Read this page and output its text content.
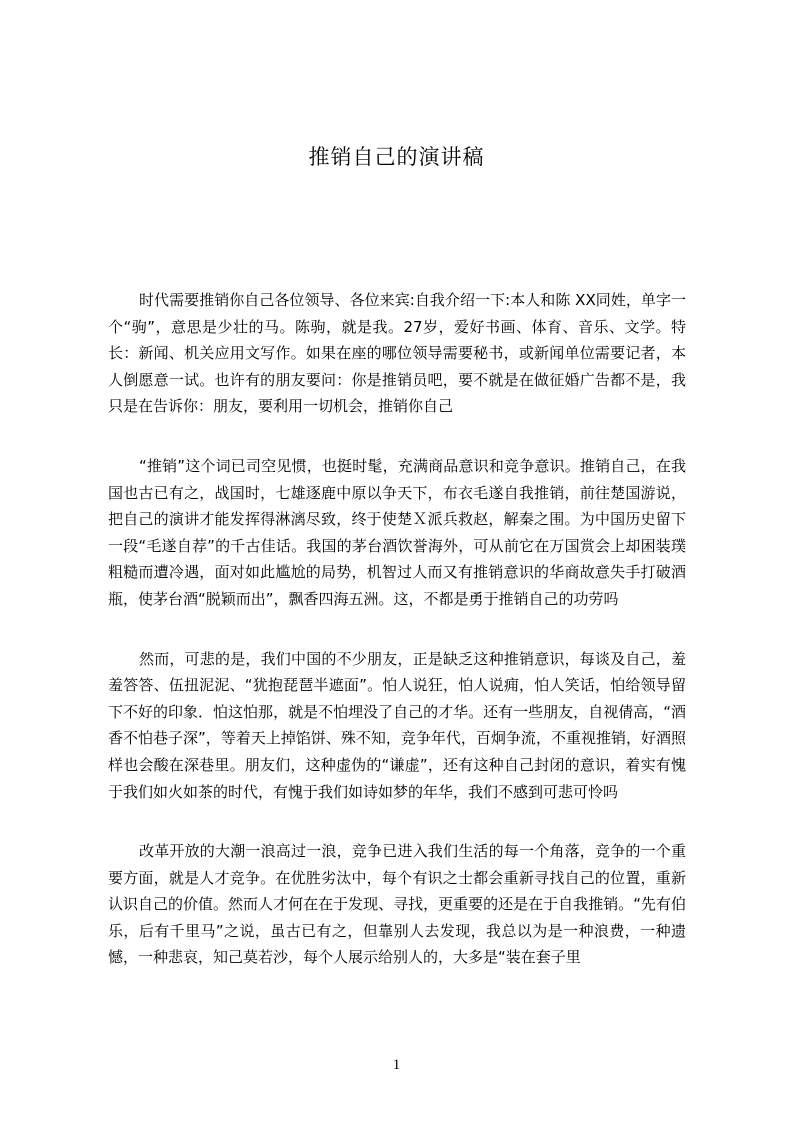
推销自己的演讲稿

时代需要推销你自己各位领导、各位来宾:自我介绍一下:本人和陈 XX同姓，单字一个“驹”，意思是少壮的马。陈驹，就是我。27岁，爱好书画、体育、音乐、文学。特长：新闻、机关应用文写作。如果在座的哪位领导需要秘书，或新闻单位需要记者，本人倒愿意一试。也许有的朋友要问：你是推销员吧，要不就是在做征婚广告都不是，我只是在告诉你：朋友，要利用一切机会，推销你自己

“推销”这个词已司空见惯，也挺时髦，充满商品意识和竞争意识。推销自己，在我国也古已有之，战国时，七雄逐鹿中原以争天下，布衣毛遂自我推销，前往楚国游说，把自己的演讲才能发挥得淋漓尽致，终于使楚Ｘ派兵救赵，解秦之围。为中国历史留下一段“毛遂自荐”的千古佳话。我国的茅台酒饮誉海外，可从前它在万国赏会上却困装璞粗糙而遭冷遇，面对如此尴尬的局势，机智过人而又有推销意识的华商故意失手打破酒瓶，使茅台酒“脱颖而出”，飘香四海五洲。这，不都是勇于推销自己的功劳吗

然而，可悲的是，我们中国的不少朋友，正是缺乏这种推销意识，每谈及自己，羞羞答答、伍扭泥泥、“犹抱琵琶半遮面”。怕人说狂，怕人说痈，怕人笑话，怕给领导留下不好的印象．怕这怕那，就是不怕埋没了自己的才华。还有一些朋友，自视倩高，“酒香不怕巷子深”，等着天上掉馅饼、殊不知，竞争年代，百炯争流，不重视推销，好酒照样也会酸在深巷里。朋友们，这种虚伪的“谦虚”，还有这种自己封闭的意识，着实有愧于我们如火如茶的时代，有愧于我们如诗如梦的年华，我们不感到可悲可怜吗

改革开放的大潮一浪高过一浪，竞争已进入我们生活的每一个角落，竞争的一个重要方面，就是人才竞争。在优胜劣汰中，每个有识之士都会重新寻找自己的位置，重新认识自己的价值。然而人才何在在于发现、寻找，更重要的还是在于自我推销。“先有伯乐，后有千里马”之说，虽古已有之，但靠别人去发现，我总以为是一种浪费，一种遗憾，一种悲哀，知己莫若沙，每个人展示给别人的，大多是“装在套子里

1
